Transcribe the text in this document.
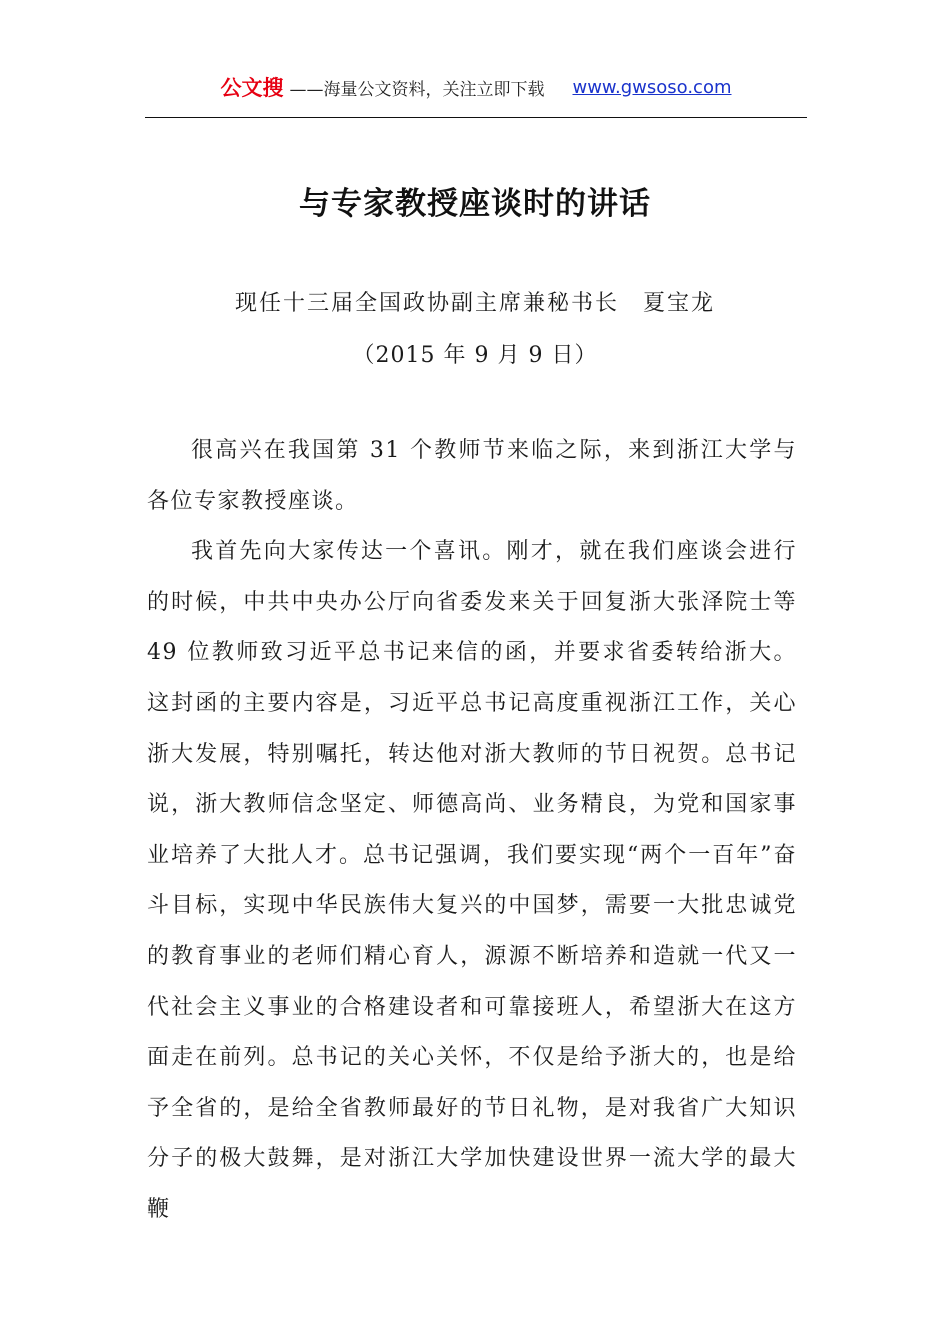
公文搜 ——海量公文资料，关注立即下载 www.gwsoso.com
与专家教授座谈时的讲话
现任十三届全国政协副主席兼秘书长　夏宝龙
（2015 年 9 月 9 日）

很高兴在我国第 31 个教师节来临之际，来到浙江大学与各位专家教授座谈。

我首先向大家传达一个喜讯。刚才，就在我们座谈会进行的时候，中共中央办公厅向省委发来关于回复浙大张泽院士等 49 位教师致习近平总书记来信的函，并要求省委转给浙大。这封函的主要内容是，习近平总书记高度重视浙江工作，关心浙大发展，特别嘱托，转达他对浙大教师的节日祝贺。总书记说，浙大教师信念坚定、师德高尚、业务精良，为党和国家事业培养了大批人才。总书记强调，我们要实现“两个一百年”奋斗目标，实现中华民族伟大复兴的中国梦，需要一大批忠诚党的教育事业的老师们精心育人，源源不断培养和造就一代又一代社会主义事业的合格建设者和可靠接班人，希望浙大在这方面走在前列。总书记的关心关怀，不仅是给予浙大的，也是给予全省的，是给全省教师最好的节日礼物，是对我省广大知识分子的极大鼓舞，是对浙江大学加快建设世界一流大学的最大鞭
